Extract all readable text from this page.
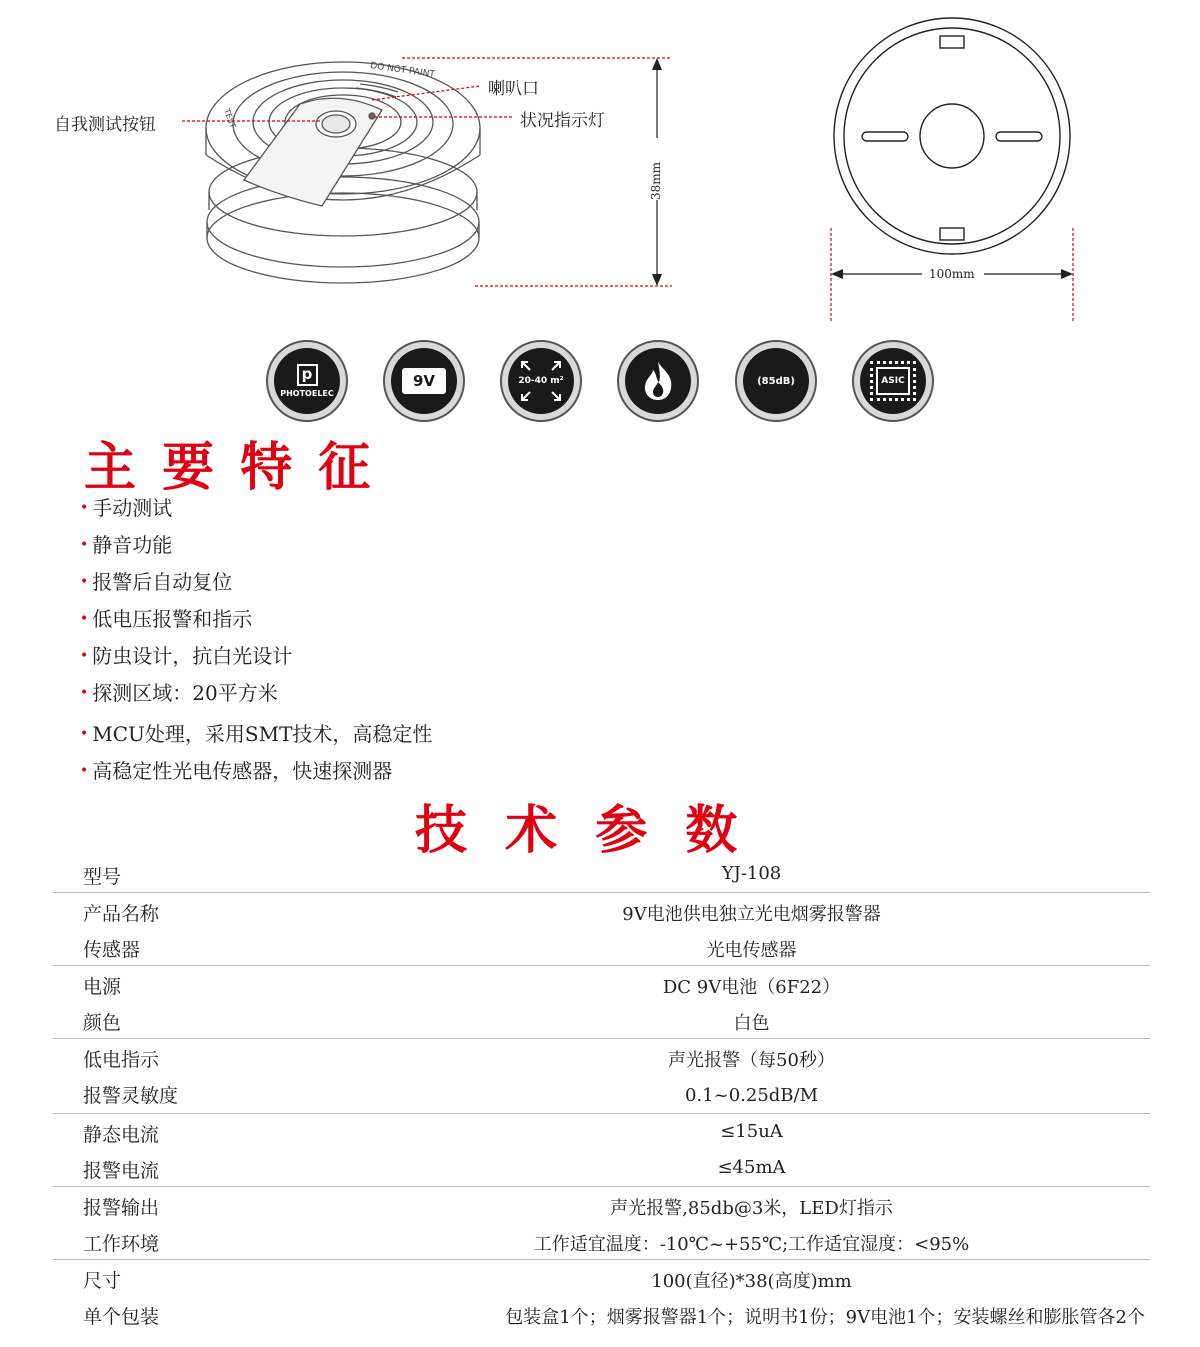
DO NOT PAINT
TEST
自我测试按钮
喇叭口
状况指示灯
38mm
100mm
p
PHOTOELEC
9V	20-40 m²	(85dB)	ASIC
主 要 特 征
• 手动测试
• 静音功能
• 报警后自动复位
• 低电压报警和指示
• 防虫设计，抗白光设计
• 探测区域：20平方米
• MCU处理，采用SMT技术，高稳定性
• 高稳定性光电传感器，快速探测器
技 术 参 数
型号	YJ-108
产品名称	9V电池供电独立光电烟雾报警器
传感器	光电传感器
电源	DC 9V电池（6F22）
颜色	白色
低电指示	声光报警（每50秒）
报警灵敏度	0.1~0.25dB/M
静态电流	≤15uA
报警电流	≤45mA
报警输出	声光报警,85db@3米，LED灯指示
工作环境	工作适宜温度：-10℃~+55℃;工作适宜湿度：<95%
尺寸	100(直径)*38(高度)mm
单个包装	包装盒1个；烟雾报警器1个；说明书1份；9V电池1个；安装螺丝和膨胀管各2个
